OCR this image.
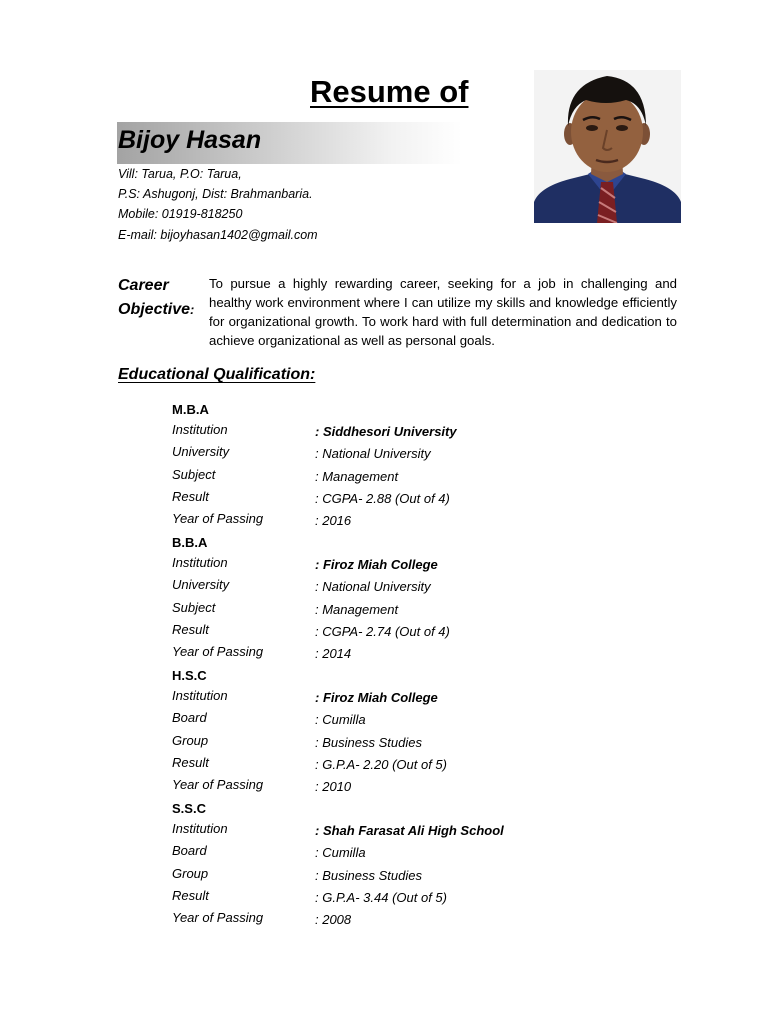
Resume of
Bijoy Hasan
Vill: Tarua, P.O: Tarua,
P.S: Ashugonj, Dist: Brahmanbaria.
Mobile: 01919-818250
E-mail: bijoyhasan1402@gmail.com
Career
Objective:
To pursue a highly rewarding career, seeking for a job in challenging and healthy work environment where I can utilize my skills and knowledge efficiently for organizational growth. To work hard with full determination and dedication to achieve organizational as well as personal goals.
Educational Qualification:
M.B.A
Institution	: Siddhesori University
University	: National University
Subject	: Management
Result	: CGPA- 2.88 (Out of 4)
Year of Passing	: 2016
B.B.A
Institution	: Firoz Miah College
University	: National University
Subject	: Management
Result	: CGPA- 2.74 (Out of 4)
Year of Passing	: 2014
H.S.C
Institution	: Firoz Miah College
Board	: Cumilla
Group	: Business Studies
Result	: G.P.A- 2.20 (Out of 5)
Year of Passing	: 2010
S.S.C
Institution	: Shah Farasat Ali High School
Board	: Cumilla
Group	: Business Studies
Result	: G.P.A- 3.44 (Out of 5)
Year of Passing	: 2008
